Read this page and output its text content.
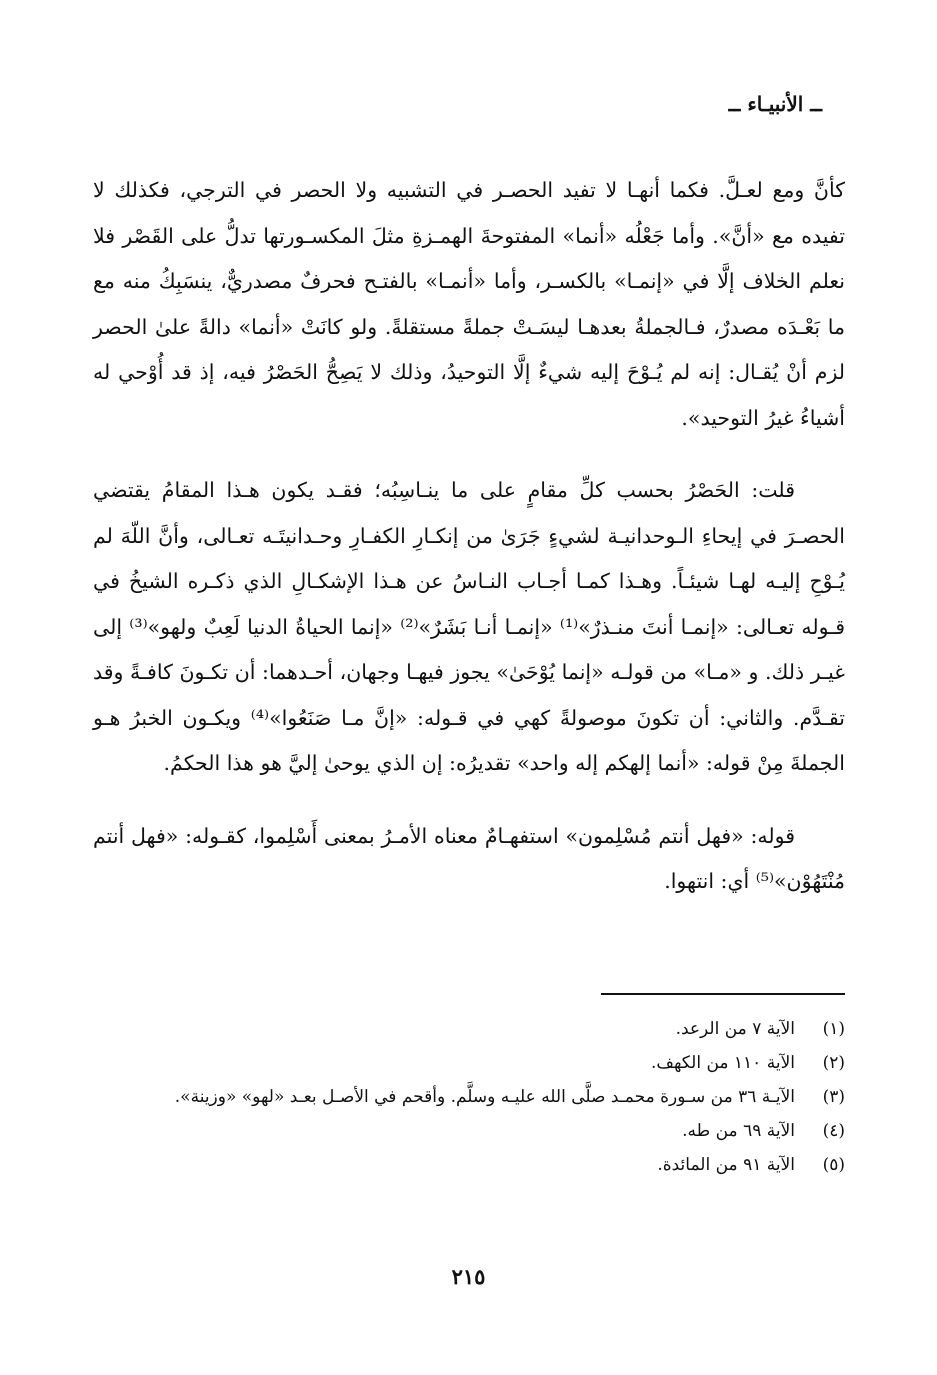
ــ الأنبيـاء ــ

كأنَّ ومع لعـلَّ. فكما أنهـا لا تفيد الحصـر في التشبيه ولا الحصر في الترجي، فكذلك لا تفيده مع «أنَّ». وأما جَعْلُه «أنما» المفتوحةَ الهمـزةِ مثلَ المكسـورتها تدلُّ على القَصْر فلا نعلم الخلاف إلَّا في «إنمـا» بالكسـر، وأما «أنمـا» بالفتـح فحرفٌ مصدريٌّ، ينسَبِكُ منه مع ما بَعْـدَه مصدرٌ، فـالجملةُ بعدهـا ليسَـتْ جملةً مستقلةً. ولو كانَتْ «أنما» دالةً علىٰ الحصر لزم أنْ يُقـال: إنه لم يُـوْحَ إليه شيءٌ إلَّا التوحيدُ، وذلك لا يَصِحُّ الحَصْرُ فيه، إذ قد أُوْحي له أشياءُ غيرُ التوحيد».

قلت: الحَصْرُ بحسب كلِّ مقامٍ على ما ينـاسِبُه؛ فقـد يكون هـذا المقامُ يقتضي الحصـرَ في إيحاءِ الـوحدانيـة لشيءٍ جَرَىٰ من إنكـارِ الكفـارِ وحـدانيتَـه تعـالى، وأنَّ اللّهَ لم يُـوْحِ إليـه لهـا شيئـاً. وهـذا كمـا أجـاب النـاسُ عن هـذا الإشكـالِ الذي ذكـره الشيخُ في قـوله تعـالى: «إنمـا أنتَ منـذرٌ»⁽¹⁾ «إنمـا أنـا بَشَرٌ»⁽²⁾ «إنما الحياةُ الدنيا لَعِبٌ ولهو»⁽³⁾ إلى غيـر ذلك. و «مـا» من قولـه «إنما يُوْحَىٰ» يجوز فيهـا وجهان، أحـدهما: أن تكـونَ كافـةً وقد تقـدَّم. والثاني: أن تكونَ موصولةً كهي في قـوله: «إنَّ مـا صَنَعُوا»⁽⁴⁾ ويكـون الخبرُ هـو الجملةَ مِنْ قوله: «أنما إلهكم إله واحد» تقديرُه: إن الذي يوحىٰ إليَّ هو هذا الحكمُ.

قوله: «فهل أنتم مُسْلِمون» استفهـامٌ معناه الأمـرُ بمعنى أَسْلِموا، كقـوله: «فهل أنتم مُنْتَهُوْن»⁽⁵⁾ أي: انتهوا.

(١)
الآية ٧ من الرعد.
(٢)
الآية ١١٠ من الكهف.
(٣)
الآيـة ٣٦ من سـورة محمـد صلَّى الله عليـه وسلَّم. وأقحم في الأصـل بعـد «لهو» «وزينة».
(٤)
الآية ٦٩ من طه.
(٥)
الآية ٩١ من المائدة.
٢١٥
